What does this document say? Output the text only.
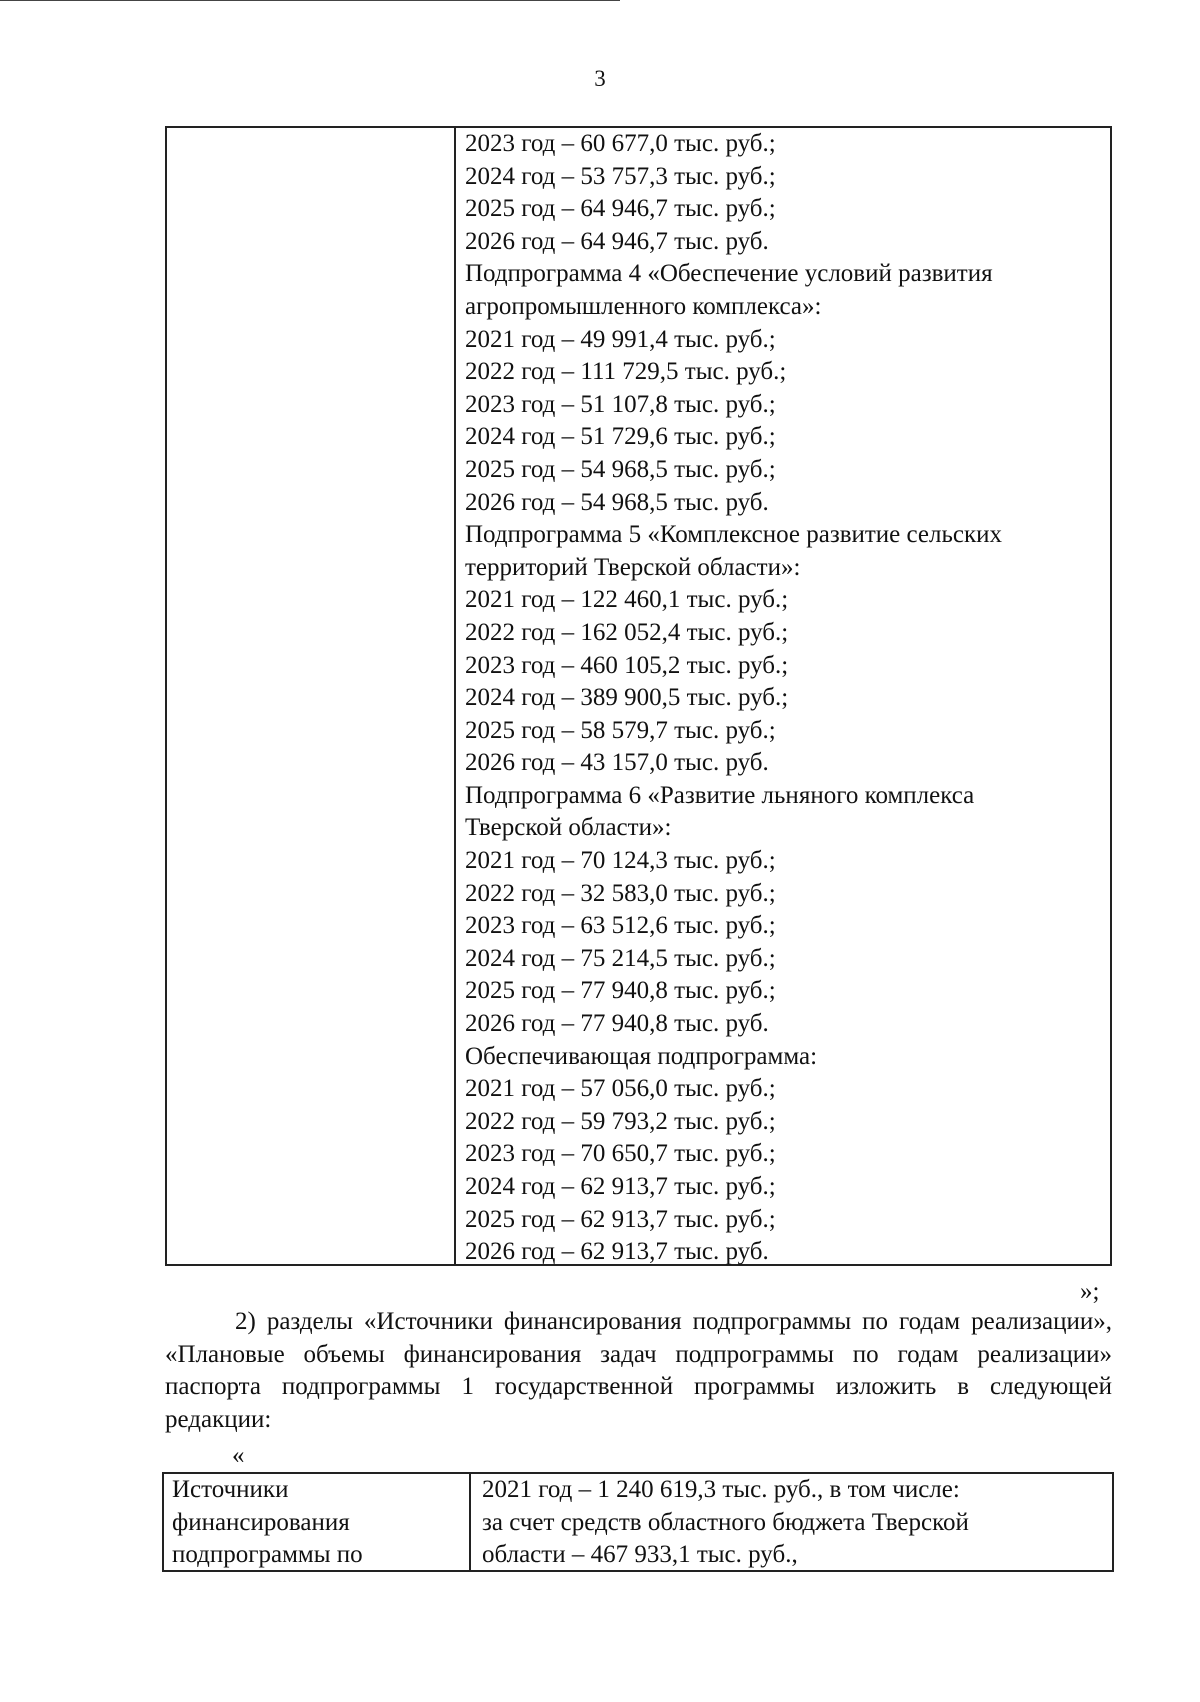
3
2023 год – 60 677,0 тыс. руб.;
2024 год – 53 757,3 тыс. руб.;
2025 год – 64 946,7 тыс. руб.;
2026 год – 64 946,7 тыс. руб.
Подпрограмма 4 «Обеспечение условий развития
агропромышленного комплекса»:
2021 год – 49 991,4 тыс. руб.;
2022 год – 111 729,5 тыс. руб.;
2023 год – 51 107,8 тыс. руб.;
2024 год – 51 729,6 тыс. руб.;
2025 год – 54 968,5 тыс. руб.;
2026 год – 54 968,5 тыс. руб.
Подпрограмма 5 «Комплексное развитие сельских
территорий Тверской области»:
2021 год – 122 460,1 тыс. руб.;
2022 год – 162 052,4 тыс. руб.;
2023 год – 460 105,2 тыс. руб.;
2024 год – 389 900,5 тыс. руб.;
2025 год – 58 579,7 тыс. руб.;
2026 год – 43 157,0 тыс. руб.
Подпрограмма 6 «Развитие льняного комплекса
Тверской области»:
2021 год – 70 124,3 тыс. руб.;
2022 год – 32 583,0 тыс. руб.;
2023 год – 63 512,6 тыс. руб.;
2024 год – 75 214,5 тыс. руб.;
2025 год – 77 940,8 тыс. руб.;
2026 год – 77 940,8 тыс. руб.
Обеспечивающая подпрограмма:
2021 год – 57 056,0 тыс. руб.;
2022 год – 59 793,2 тыс. руб.;
2023 год – 70 650,7 тыс. руб.;
2024 год – 62 913,7 тыс. руб.;
2025 год – 62 913,7 тыс. руб.;
2026 год – 62 913,7 тыс. руб.
»;

2) разделы «Источники финансирования подпрограммы по годам реализации», «Плановые объемы финансирования задач подпрограммы по годам реализации» паспорта подпрограммы 1 государственной программы изложить в следующей редакции:

«
Источники
финансирования
подпрограммы по
2021 год – 1 240 619,3 тыс. руб., в том числе:
за счет средств областного бюджета Тверской
области – 467 933,1 тыс. руб.,
